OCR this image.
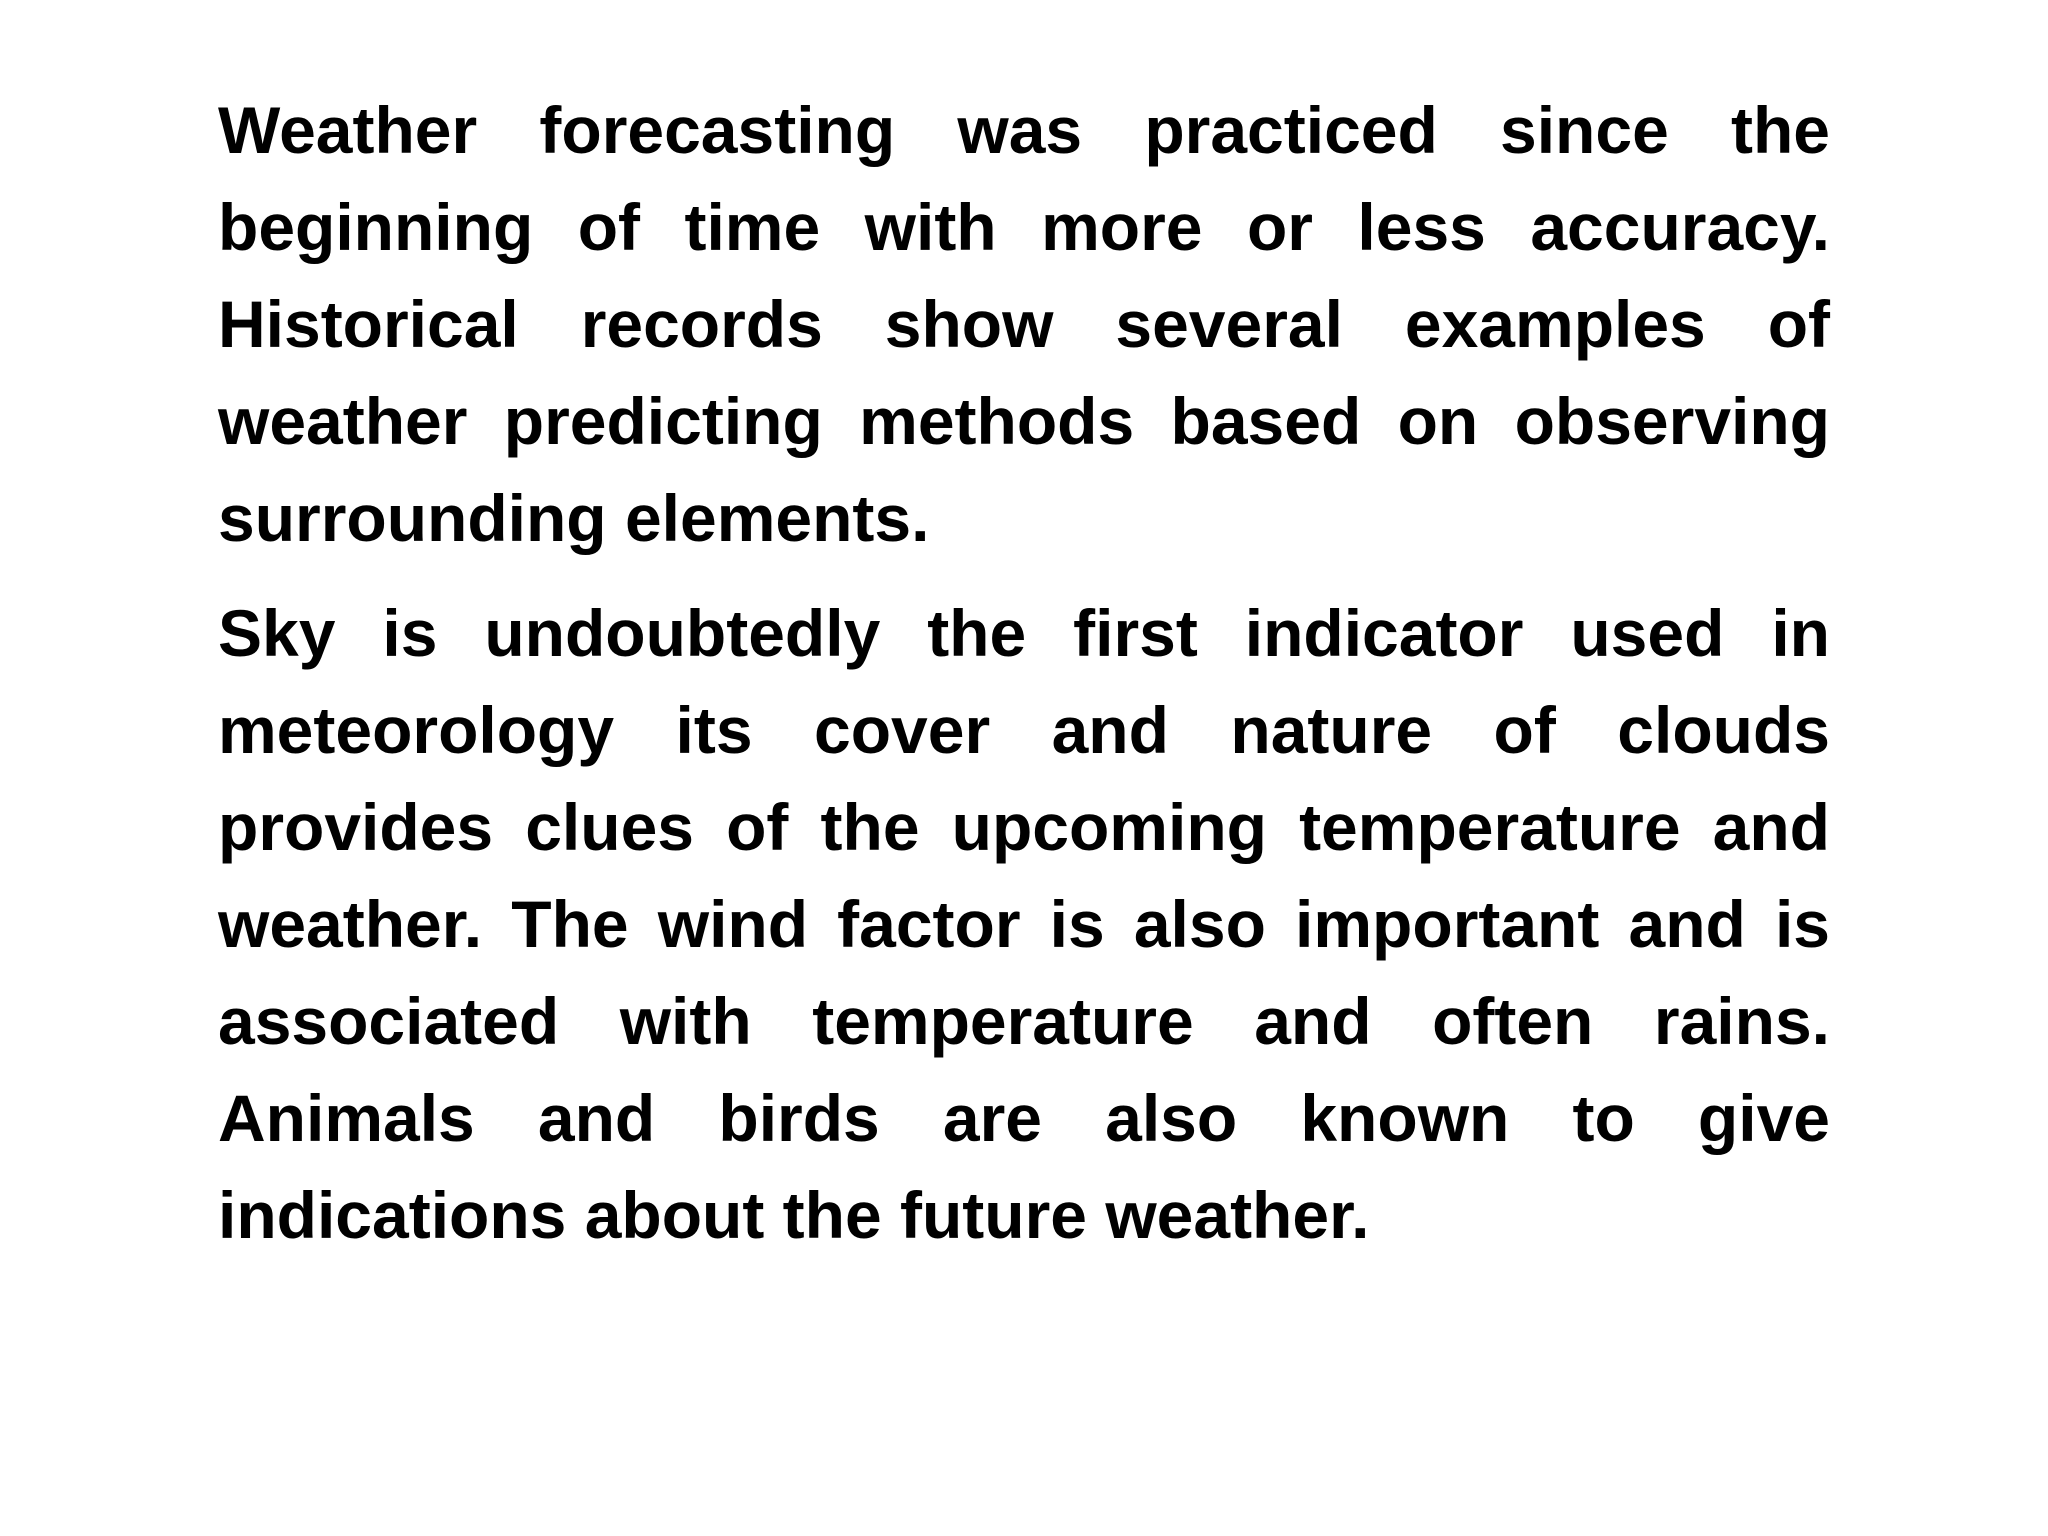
Weather forecasting was practiced since the beginning of time with more or less accuracy. Historical records show several examples of weather predicting methods based on observing surrounding elements.

Sky is undoubtedly the first indicator used in meteorology its cover and nature of clouds provides clues of the upcoming temperature and weather. The wind factor is also important and is associated with temperature and often rains. Animals and birds are also known to give indications about the future weather.
